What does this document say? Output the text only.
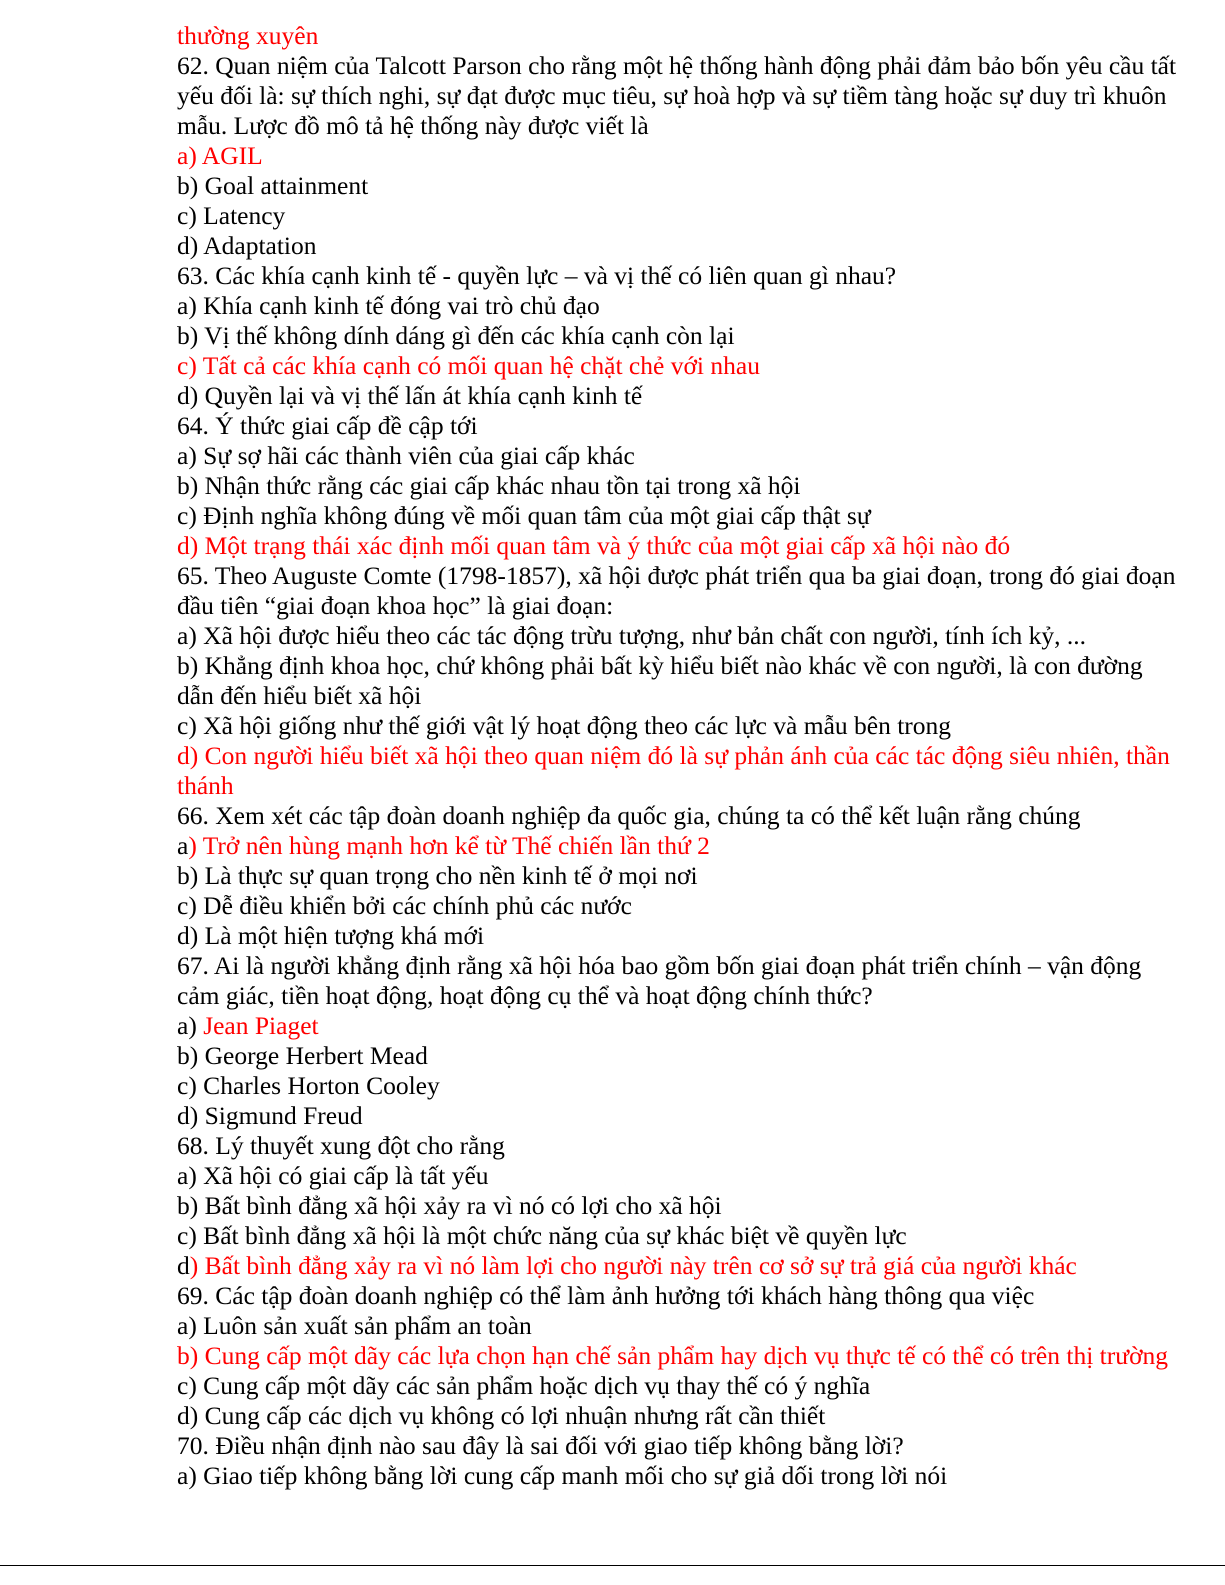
thường xuyên

62. Quan niệm của Talcott Parson cho rằng một hệ thống hành động phải đảm bảo bốn yêu cầu tất yếu đối là: sự thích nghi, sự đạt được mục tiêu, sự hoà hợp và sự tiềm tàng hoặc sự duy trì khuôn mẫu. Lược đồ mô tả hệ thống này được viết là

a) AGIL

b) Goal attainment

c) Latency

d) Adaptation

63. Các khía cạnh kinh tế - quyền lực – và vị thế có liên quan gì nhau?

a) Khía cạnh kinh tế đóng vai trò chủ đạo

b) Vị thế không dính dáng gì đến các khía cạnh còn lại

c) Tất cả các khía cạnh có mối quan hệ chặt chẻ với nhau

d) Quyền lại và vị thế lấn át khía cạnh kinh tế

64. Ý thức giai cấp đề cập tới

a) Sự sợ hãi các thành viên của giai cấp khác

b) Nhận thức rằng các giai cấp khác nhau tồn tại trong xã hội

c) Định nghĩa không đúng về mối quan tâm của một giai cấp thật sự

d) Một trạng thái xác định mối quan tâm và ý thức của một giai cấp xã hội nào đó

65. Theo Auguste Comte (1798-1857), xã hội được phát triển qua ba giai đoạn, trong đó giai đoạn đầu tiên “giai đoạn khoa học” là giai đoạn:

a) Xã hội được hiểu theo các tác động trừu tượng, như bản chất con người, tính ích kỷ, ...

b) Khẳng định khoa học, chứ không phải bất kỳ hiểu biết nào khác về con người, là con đường dẫn đến hiểu biết xã hội

c) Xã hội giống như thế giới vật lý hoạt động theo các lực và mẫu bên trong

d) Con người hiểu biết xã hội theo quan niệm đó là sự phản ánh của các tác động siêu nhiên, thần thánh

66. Xem xét các tập đoàn doanh nghiệp đa quốc gia, chúng ta có thể kết luận rằng chúng

a) Trở nên hùng mạnh hơn kể từ Thế chiến lần thứ 2

b) Là thực sự quan trọng cho nền kinh tế ở mọi nơi

c) Dễ điều khiển bởi các chính phủ các nước

d) Là một hiện tượng khá mới

67. Ai là người khẳng định rằng xã hội hóa bao gồm bốn giai đoạn phát triển chính – vận động cảm giác, tiền hoạt động, hoạt động cụ thể và hoạt động chính thức?

a) Jean Piaget

b) George Herbert Mead

c) Charles Horton Cooley

d) Sigmund Freud

68. Lý thuyết xung đột cho rằng

a) Xã hội có giai cấp là tất yếu

b) Bất bình đẳng xã hội xảy ra vì nó có lợi cho xã hội

c) Bất bình đẳng xã hội là một chức năng của sự khác biệt về quyền lực

d) Bất bình đẳng xảy ra vì nó làm lợi cho người này trên cơ sở sự trả giá của người khác

69. Các tập đoàn doanh nghiệp có thể làm ảnh hưởng tới khách hàng thông qua việc

a) Luôn sản xuất sản phẩm an toàn

b) Cung cấp một dãy các lựa chọn hạn chế sản phẩm hay dịch vụ thực tế có thể có trên thị trường

c) Cung cấp một dãy các sản phẩm hoặc dịch vụ thay thế có ý nghĩa

d) Cung cấp các dịch vụ không có lợi nhuận nhưng rất cần thiết

70. Điều nhận định nào sau đây là sai đối với giao tiếp không bằng lời?

a) Giao tiếp không bằng lời cung cấp manh mối cho sự giả dối trong lời nói
